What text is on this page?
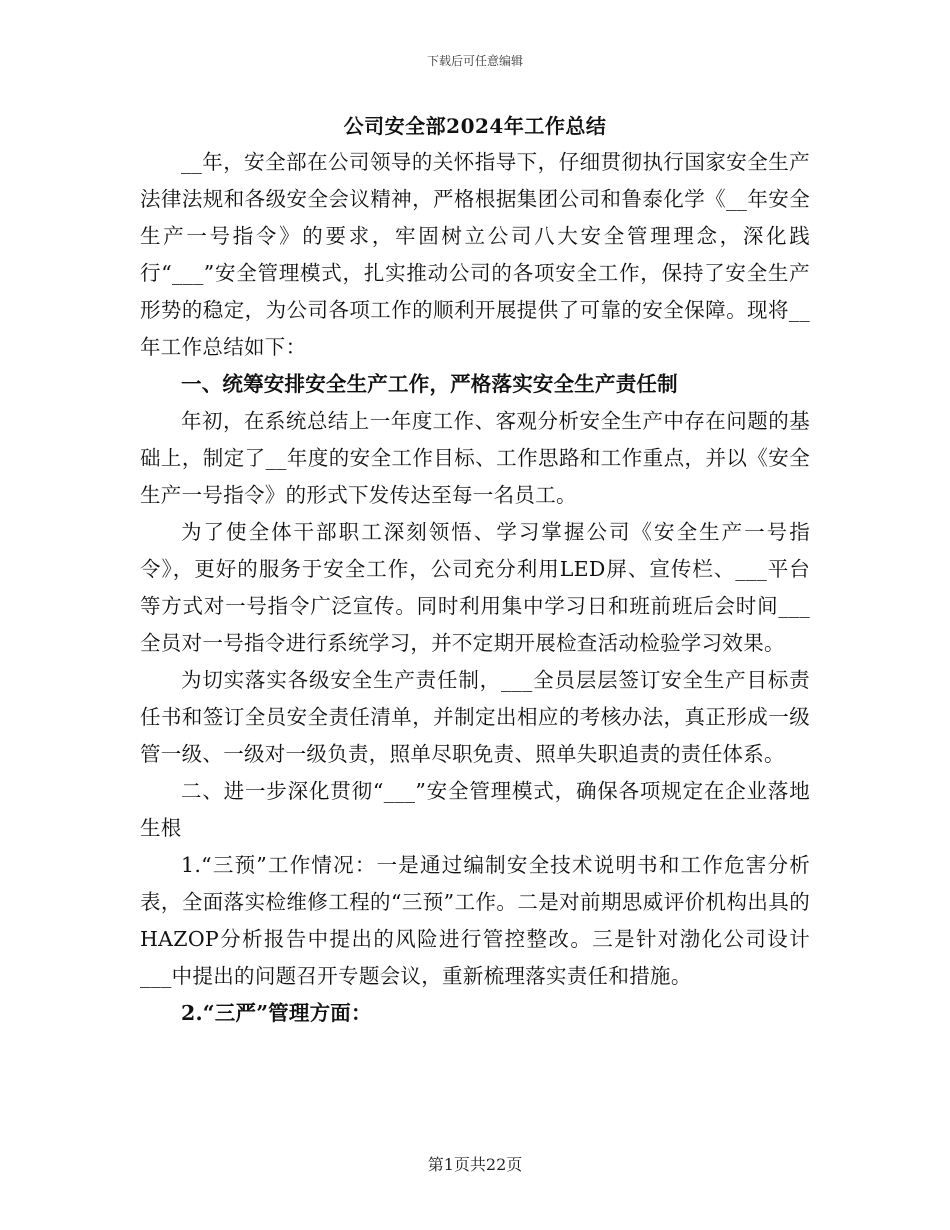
下载后可任意编辑
公司安全部2024年工作总结

__年，安全部在公司领导的关怀指导下，仔细贯彻执行国家安全生产法律法规和各级安全会议精神，严格根据集团公司和鲁泰化学《__年安全生产一号指令》的要求，牢固树立公司八大安全管理理念，深化践行“___”安全管理模式，扎实推动公司的各项安全工作，保持了安全生产形势的稳定，为公司各项工作的顺利开展提供了可靠的安全保障。现将__年工作总结如下：

一、统筹安排安全生产工作，严格落实安全生产责任制

年初，在系统总结上一年度工作、客观分析安全生产中存在问题的基础上，制定了__年度的安全工作目标、工作思路和工作重点，并以《安全生产一号指令》的形式下发传达至每一名员工。

为了使全体干部职工深刻领悟、学习掌握公司《安全生产一号指令》，更好的服务于安全工作，公司充分利用LED屏、宣传栏、___平台等方式对一号指令广泛宣传。同时利用集中学习日和班前班后会时间___全员对一号指令进行系统学习，并不定期开展检查活动检验学习效果。

为切实落实各级安全生产责任制，___全员层层签订安全生产目标责任书和签订全员安全责任清单，并制定出相应的考核办法，真正形成一级管一级、一级对一级负责，照单尽职免责、照单失职追责的责任体系。

二、进一步深化贯彻“___”安全管理模式，确保各项规定在企业落地生根

1.“三预”工作情况：一是通过编制安全技术说明书和工作危害分析表，全面落实检维修工程的“三预”工作。二是对前期思威评价机构出具的HAZOP分析报告中提出的风险进行管控整改。三是针对渤化公司设计___中提出的问题召开专题会议，重新梳理落实责任和措施。

2.“三严”管理方面：

第1页共22页
